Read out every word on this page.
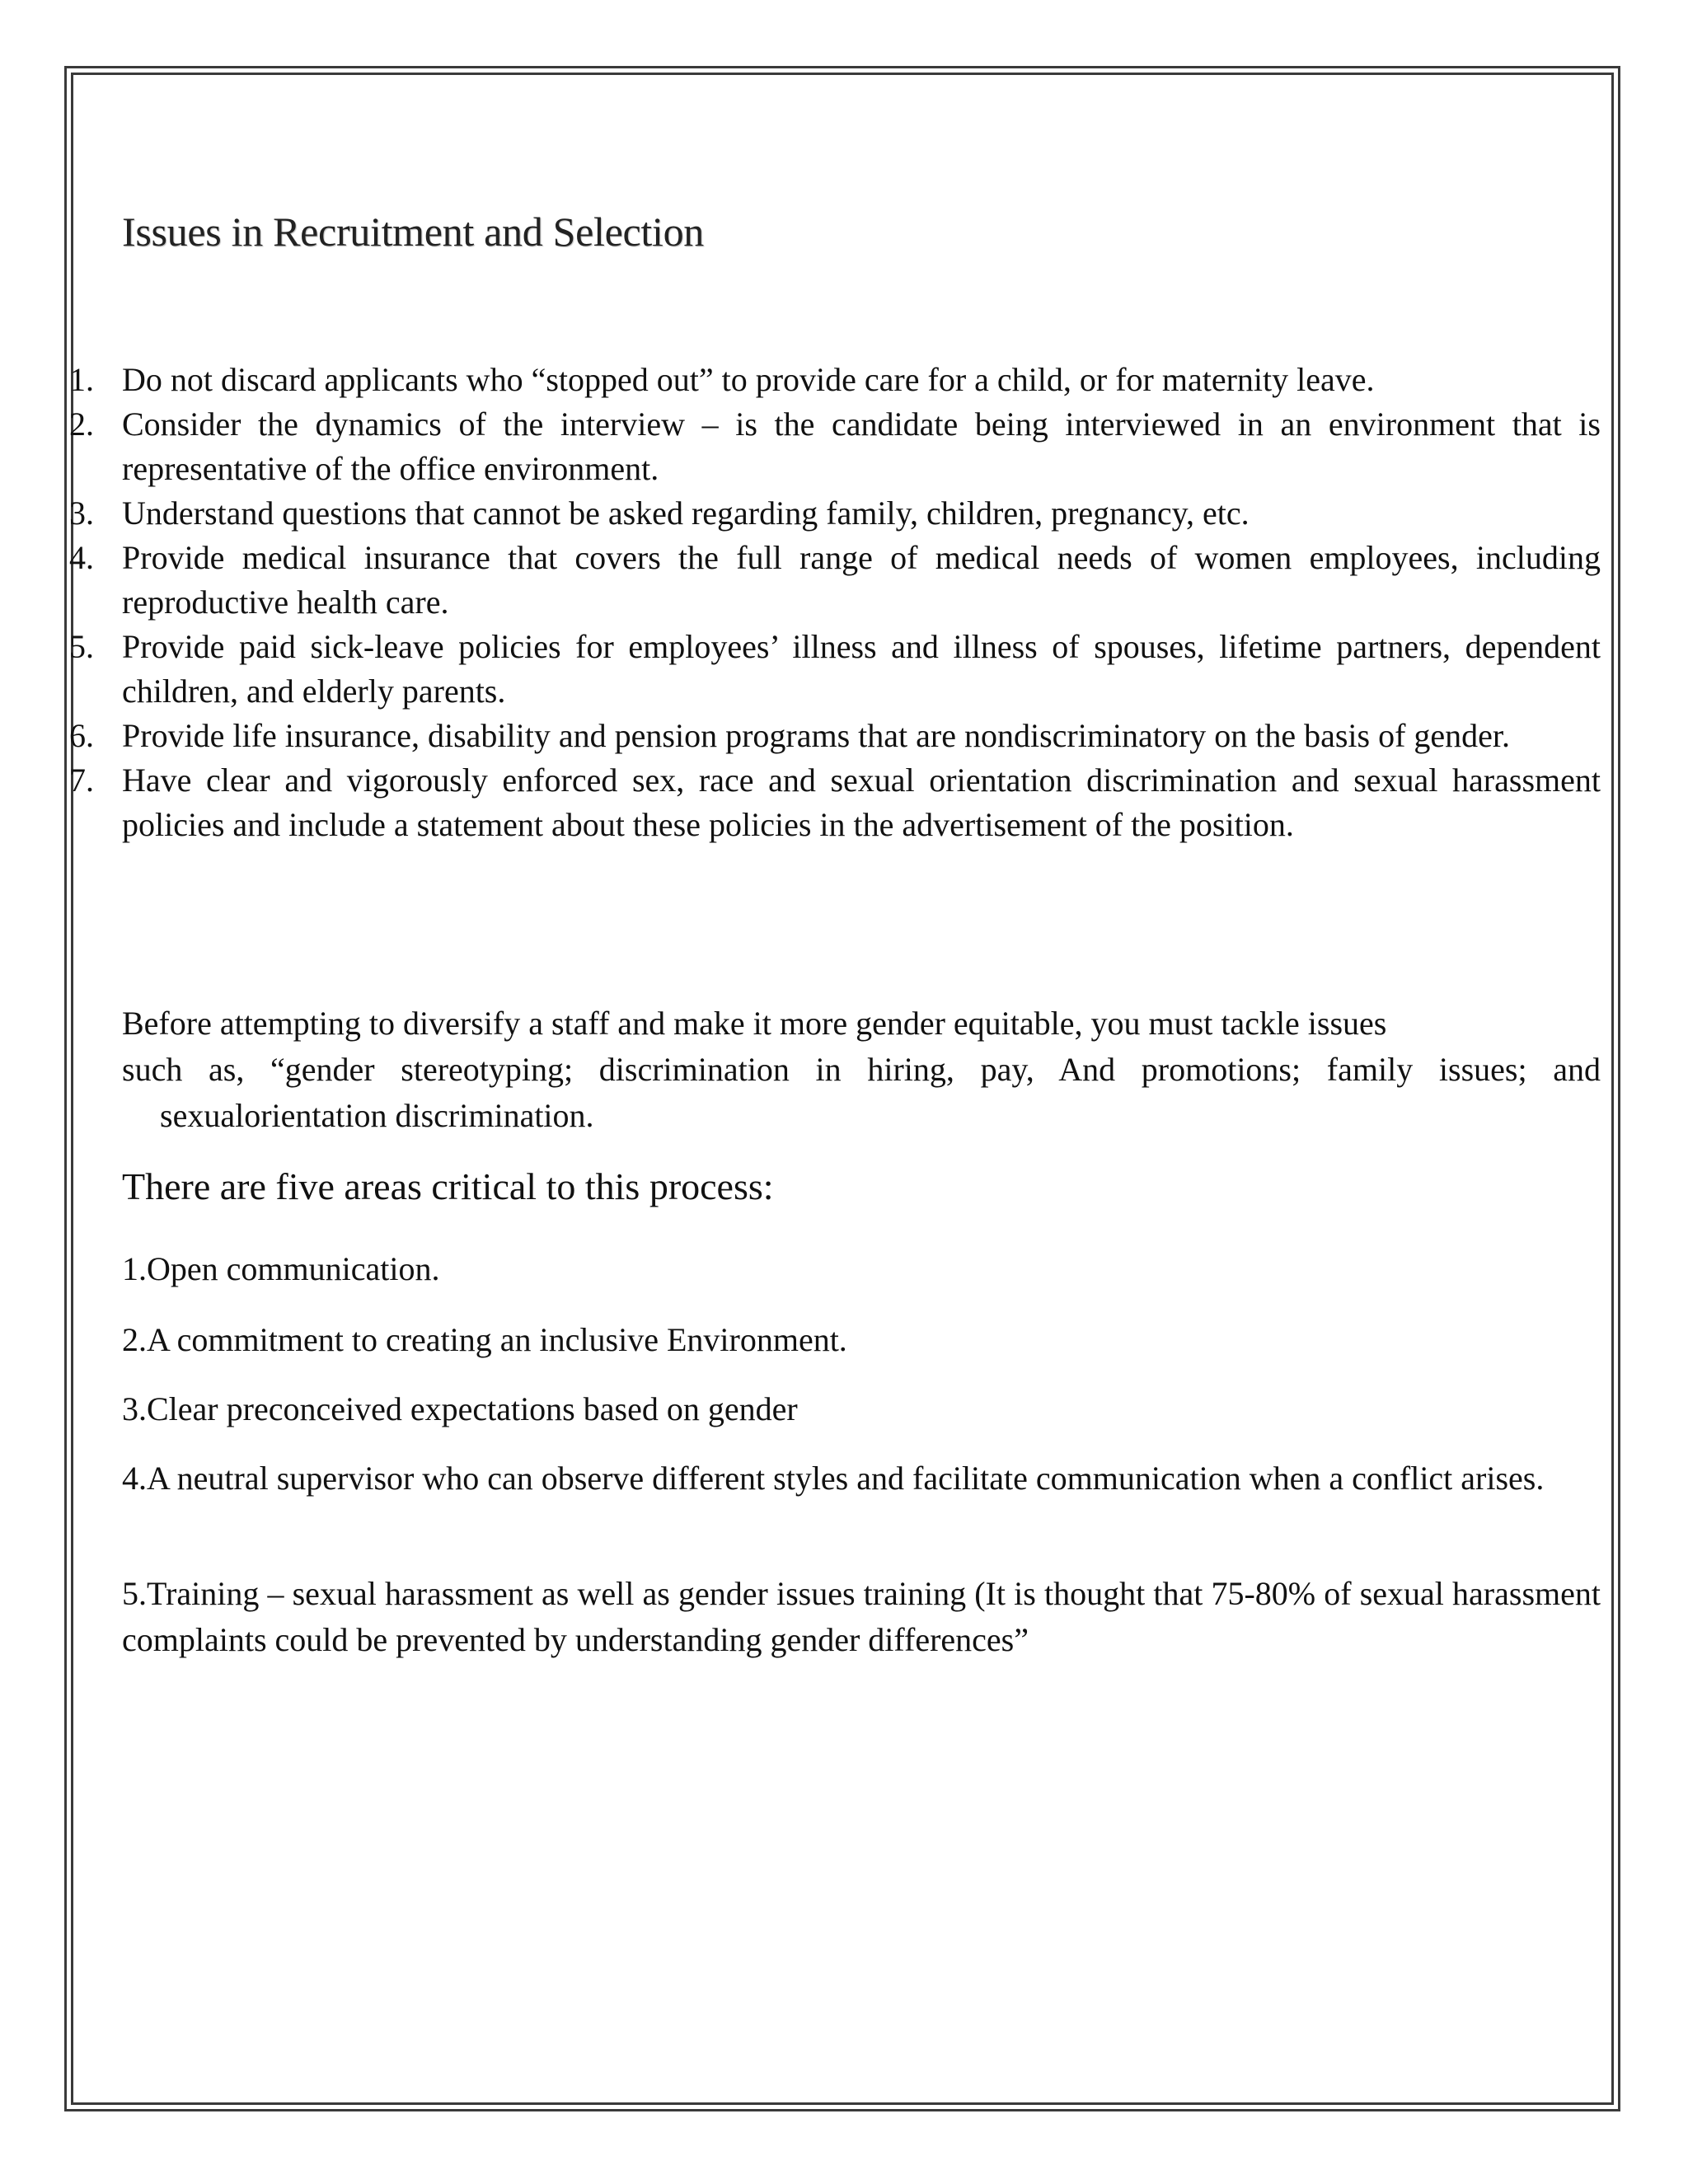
Issues in Recruitment and Selection
1. Do not discard applicants who “stopped out” to provide care for a child, or for maternity leave.
2. Consider the dynamics of the interview – is the candidate being interviewed in an environment that is representative of the office environment.
3. Understand questions that cannot be asked regarding family, children, pregnancy, etc.
4. Provide medical insurance that covers the full range of medical needs of women employees, including reproductive health care.
5. Provide paid sick-leave policies for employees’ illness and illness of spouses, lifetime partners, dependent children, and elderly parents.
6. Provide life insurance, disability and pension programs that are nondiscriminatory on the basis of gender.
7. Have clear and vigorously enforced sex, race and sexual orientation discrimination and sexual harassment policies and include a statement about these policies in the advertisement of the position.

Before attempting to diversify a staff and make it more gender equitable, you must tackle issues
such as, “gender stereotyping; discrimination in hiring, pay, And promotions; family issues; and
sexualorientation discrimination.

There are five areas critical to this process:

1.Open communication.

2.A commitment to creating an inclusive Environment.

3.Clear preconceived expectations based on gender

4.A neutral supervisor who can observe different styles and facilitate communication when a conflict arises.

5.Training – sexual harassment as well as gender issues training (It is thought that 75-80% of sexual harassment complaints could be prevented by understanding gender differences”
